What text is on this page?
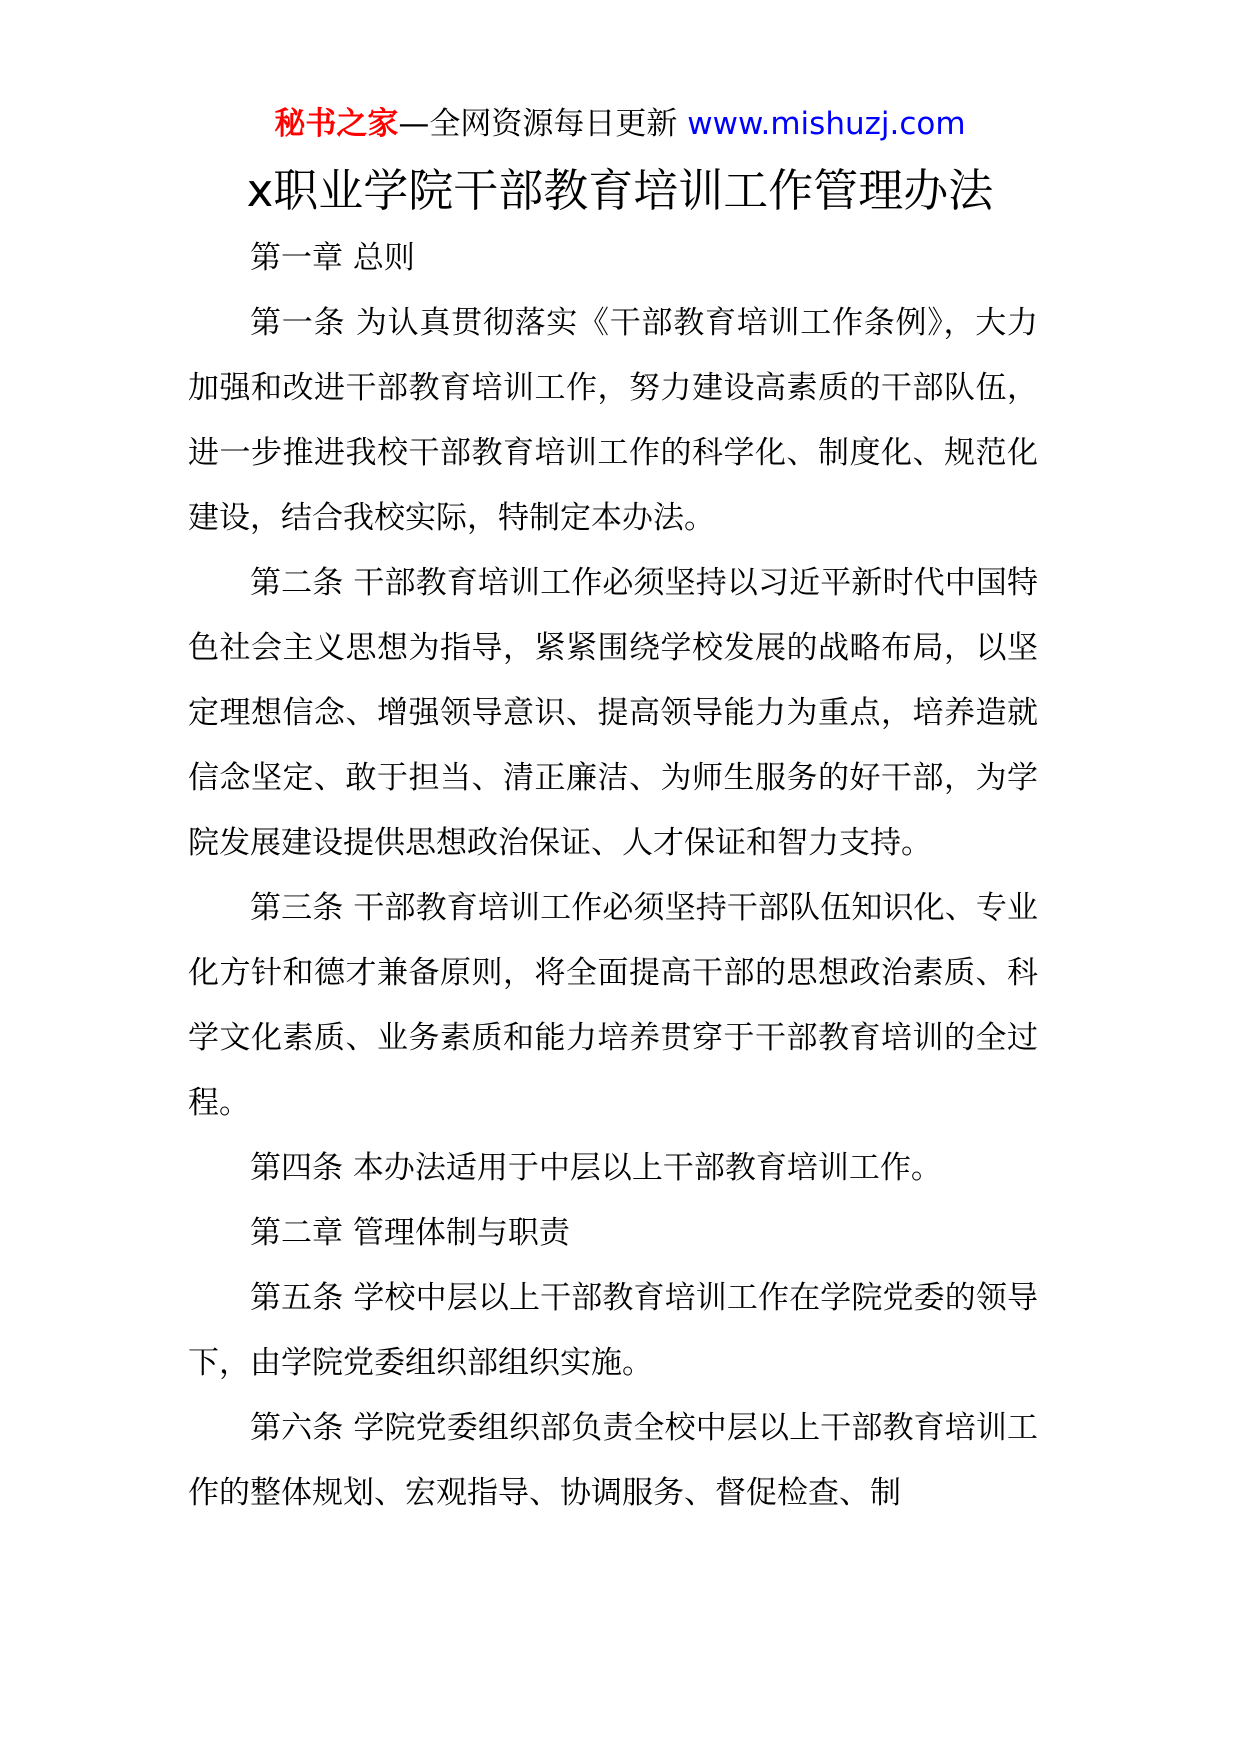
秘书之家—全网资源每日更新 www.mishuzj.com
x职业学院干部教育培训工作管理办法

第一章 总则

第一条 为认真贯彻落实《干部教育培训工作条例》，大力加强和改进干部教育培训工作，努力建设高素质的干部队伍，进一步推进我校干部教育培训工作的科学化、制度化、规范化建设，结合我校实际，特制定本办法。

第二条 干部教育培训工作必须坚持以习近平新时代中国特色社会主义思想为指导，紧紧围绕学校发展的战略布局，以坚定理想信念、增强领导意识、提高领导能力为重点，培养造就信念坚定、敢于担当、清正廉洁、为师生服务的好干部，为学院发展建设提供思想政治保证、人才保证和智力支持。

第三条 干部教育培训工作必须坚持干部队伍知识化、专业化方针和德才兼备原则，将全面提高干部的思想政治素质、科学文化素质、业务素质和能力培养贯穿于干部教育培训的全过程。

第四条 本办法适用于中层以上干部教育培训工作。

第二章 管理体制与职责

第五条 学校中层以上干部教育培训工作在学院党委的领导下，由学院党委组织部组织实施。

第六条 学院党委组织部负责全校中层以上干部教育培训工作的整体规划、宏观指导、协调服务、督促检查、制
